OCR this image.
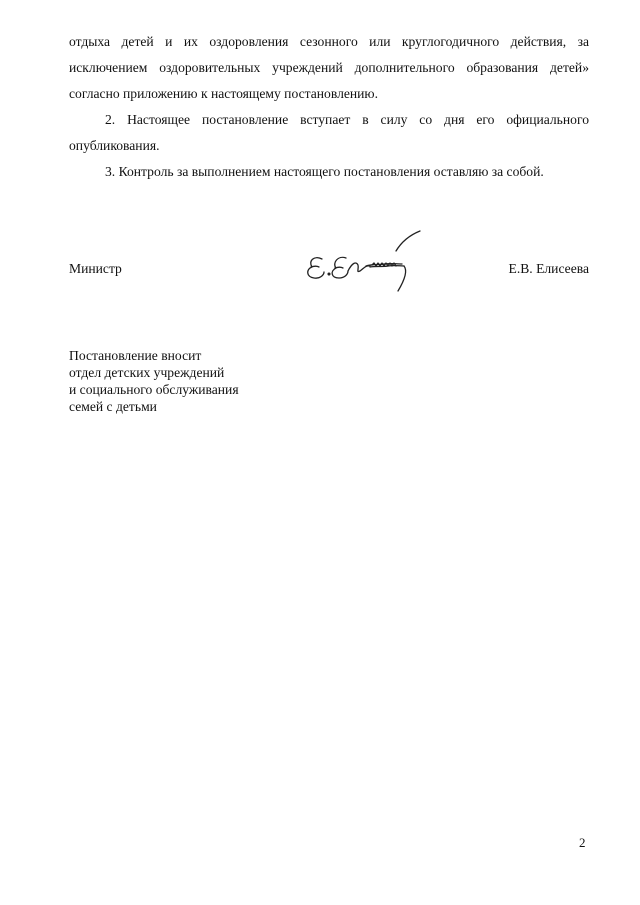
отдыха детей и их оздоровления сезонного или круглогодичного действия, за исключением оздоровительных учреждений дополнительного образования детей» согласно приложению к настоящему постановлению.

2. Настоящее постановление вступает в силу со дня его официального опубликования.

3. Контроль за выполнением настоящего постановления оставляю за собой.

Министр	Е.В. Елисеева
Постановление вносит
отдел детских учреждений
и социального обслуживания
семей с детьми
2
